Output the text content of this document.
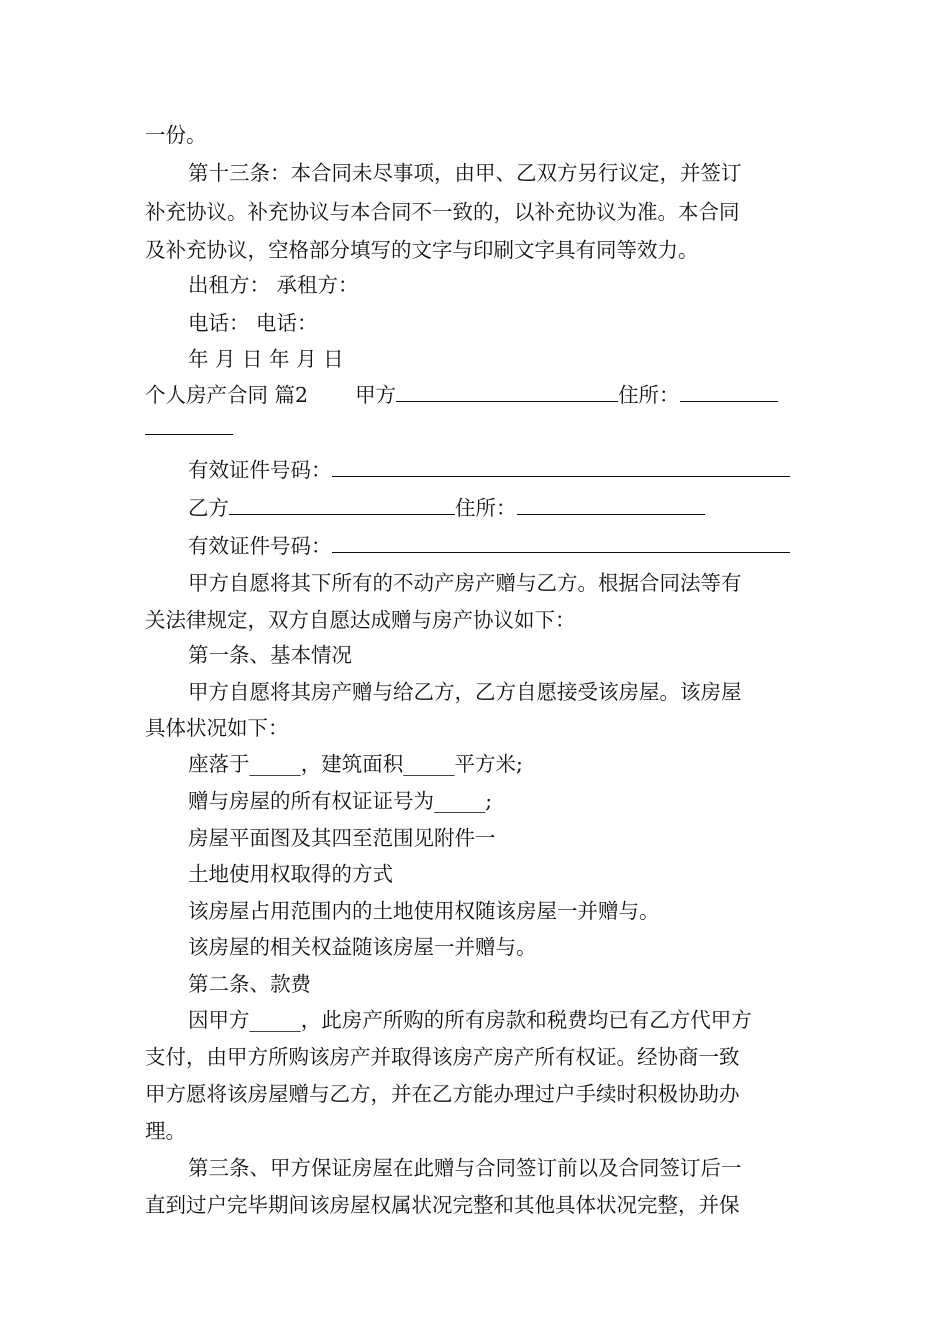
一份。
第十三条：本合同未尽事项，由甲、乙双方另行议定，并签订
补充协议。补充协议与本合同不一致的，以补充协议为准。本合同
及补充协议，空格部分填写的文字与印刷文字具有同等效力。
出租方： 承租方：
电话： 电话：
年 月 日 年 月 日
个人房产合同 篇2 甲方	住所：
有效证件号码：
乙方	住所：
有效证件号码：
甲方自愿将其下所有的不动产房产赠与乙方。根据合同法等有
关法律规定，双方自愿达成赠与房产协议如下：
第一条、基本情况
甲方自愿将其房产赠与给乙方，乙方自愿接受该房屋。该房屋
具体状况如下：
座落于_____，建筑面积_____平方米;
赠与房屋的所有权证证号为_____;
房屋平面图及其四至范围见附件一
土地使用权取得的方式
该房屋占用范围内的土地使用权随该房屋一并赠与。
该房屋的相关权益随该房屋一并赠与。
第二条、款费
因甲方_____，此房产所购的所有房款和税费均已有乙方代甲方
支付，由甲方所购该房产并取得该房产房产所有权证。经协商一致
甲方愿将该房屋赠与乙方，并在乙方能办理过户手续时积极协助办
理。
第三条、甲方保证房屋在此赠与合同签订前以及合同签订后一
直到过户完毕期间该房屋权属状况完整和其他具体状况完整，并保
